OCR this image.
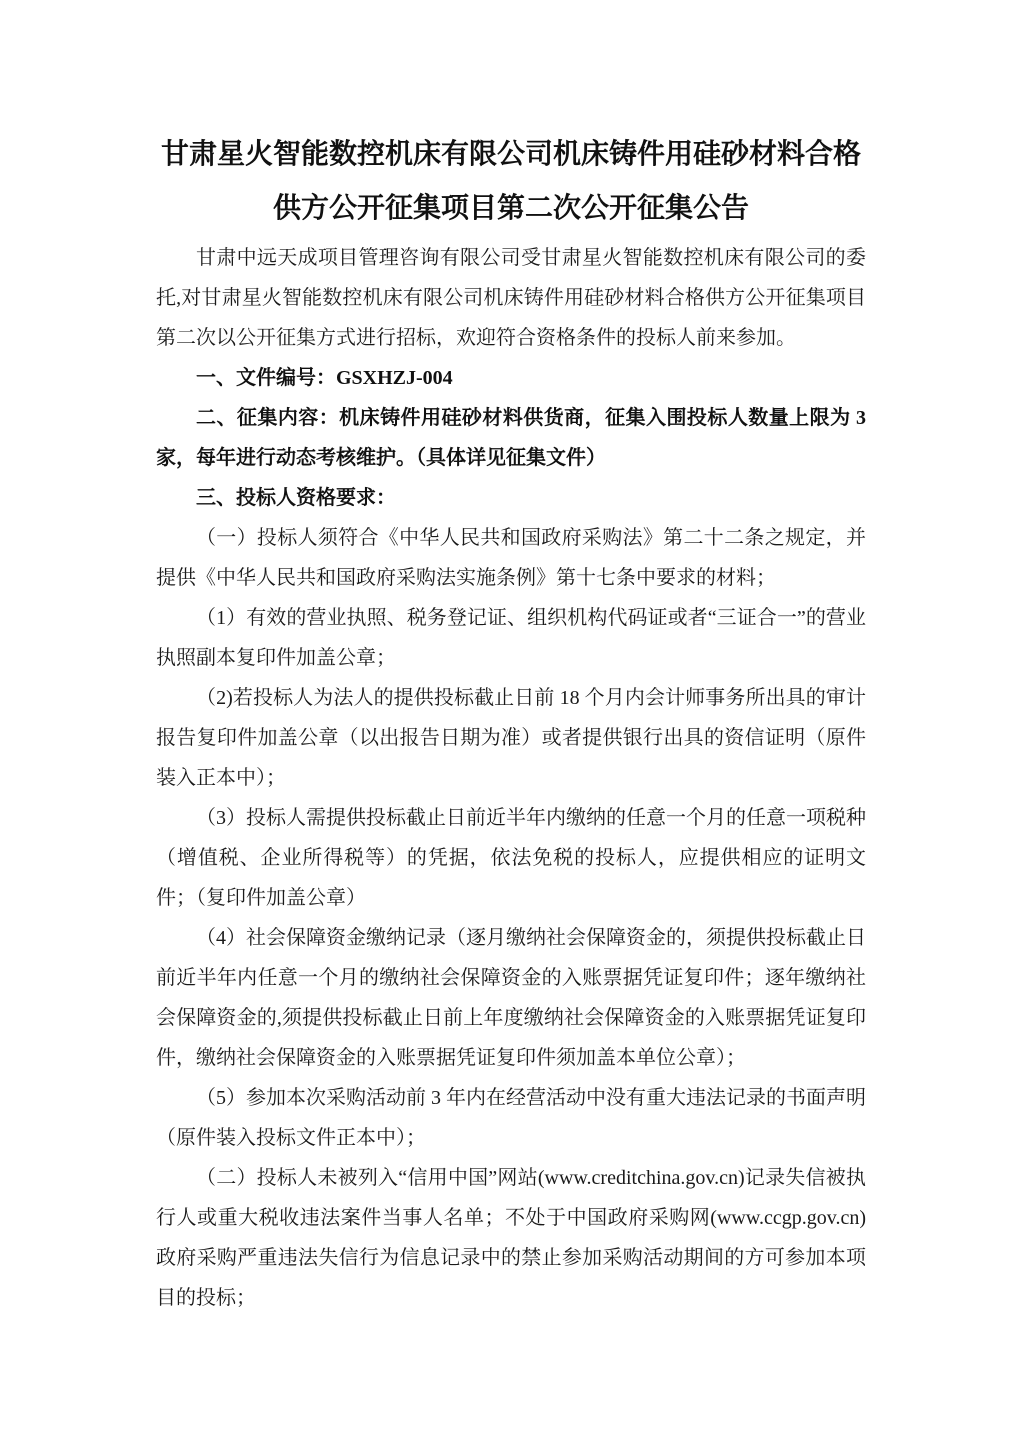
甘肃星火智能数控机床有限公司机床铸件用硅砂材料合格
供方公开征集项目第二次公开征集公告

甘肃中远天成项目管理咨询有限公司受甘肃星火智能数控机床有限公司的委托,对甘肃星火智能数控机床有限公司机床铸件用硅砂材料合格供方公开征集项目第二次以公开征集方式进行招标，欢迎符合资格条件的投标人前来参加。

一、文件编号：GSXHZJ-004

二、征集内容：机床铸件用硅砂材料供货商，征集入围投标人数量上限为 3 家，每年进行动态考核维护。（具体详见征集文件）

三、投标人资格要求：

（一）投标人须符合《中华人民共和国政府采购法》第二十二条之规定，并提供《中华人民共和国政府采购法实施条例》第十七条中要求的材料；

（1）有效的营业执照、税务登记证、组织机构代码证或者“三证合一”的营业执照副本复印件加盖公章；

（2)若投标人为法人的提供投标截止日前 18 个月内会计师事务所出具的审计报告复印件加盖公章（以出报告日期为准）或者提供银行出具的资信证明（原件装入正本中）；

（3）投标人需提供投标截止日前近半年内缴纳的任意一个月的任意一项税种（增值税、企业所得税等）的凭据，依法免税的投标人，应提供相应的证明文件；（复印件加盖公章）

（4）社会保障资金缴纳记录（逐月缴纳社会保障资金的，须提供投标截止日前近半年内任意一个月的缴纳社会保障资金的入账票据凭证复印件；逐年缴纳社会保障资金的,须提供投标截止日前上年度缴纳社会保障资金的入账票据凭证复印件，缴纳社会保障资金的入账票据凭证复印件须加盖本单位公章）；

（5）参加本次采购活动前 3 年内在经营活动中没有重大违法记录的书面声明（原件装入投标文件正本中）；

（二）投标人未被列入“信用中国”网站(www.creditchina.gov.cn)记录失信被执行人或重大税收违法案件当事人名单；不处于中国政府采购网(www.ccgp.gov.cn)政府采购严重违法失信行为信息记录中的禁止参加采购活动期间的方可参加本项目的投标；
